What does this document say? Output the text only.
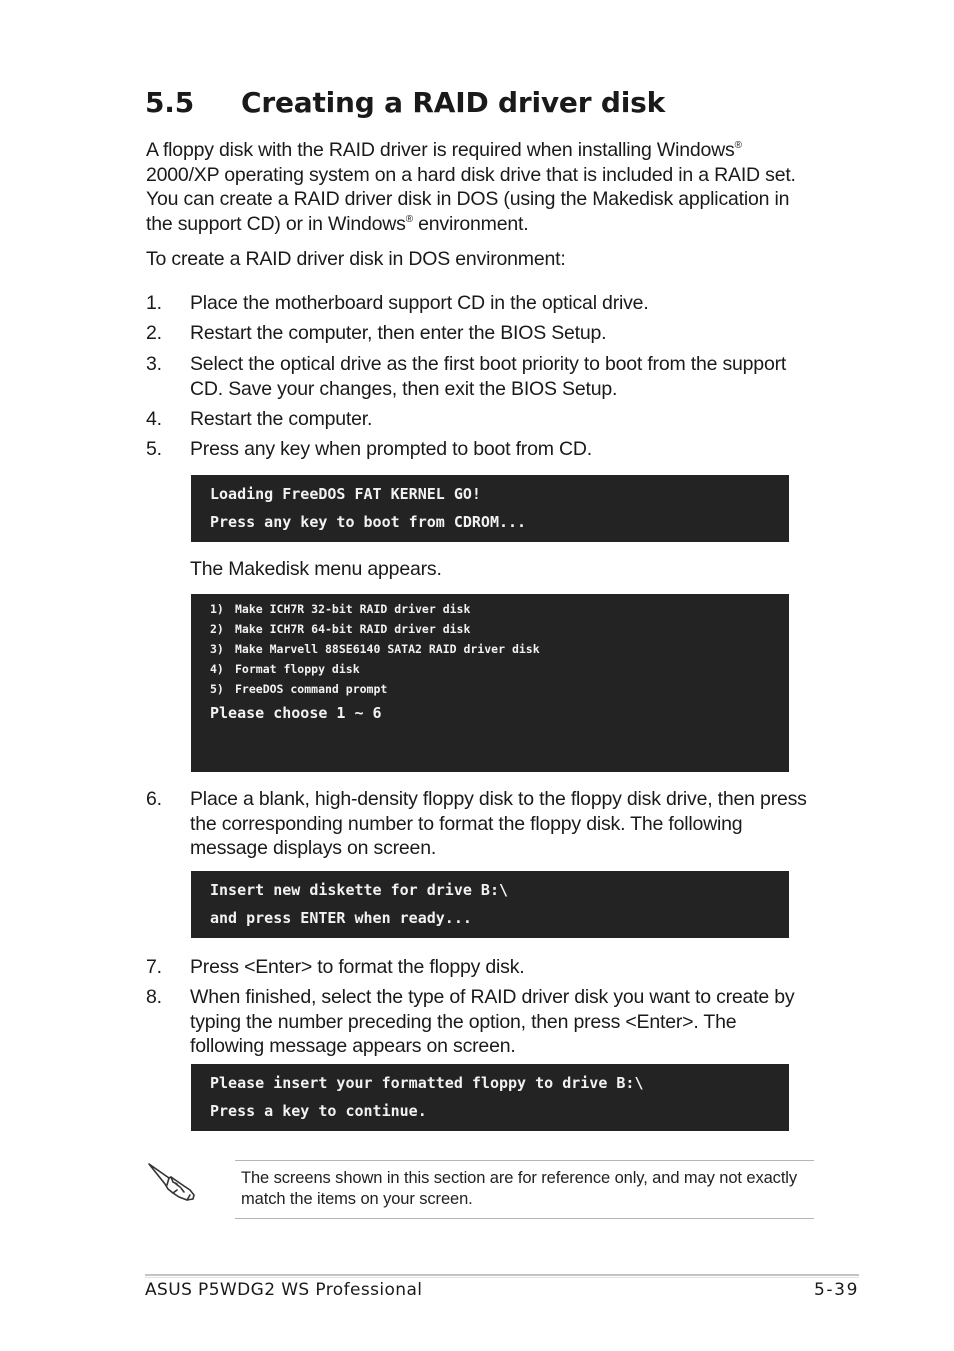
5.5 Creating a RAID driver disk
A floppy disk with the RAID driver is required when installing Windows® 2000/XP operating system on a hard disk drive that is included in a RAID set. You can create a RAID driver disk in DOS (using the Makedisk application in the support CD) or in Windows® environment.
To create a RAID driver disk in DOS environment:
1.	Place the motherboard support CD in the optical drive.
2.	Restart the computer, then enter the BIOS Setup.
3.	Select the optical drive as the first boot priority to boot from the support CD. Save your changes, then exit the BIOS Setup.
4.	Restart the computer.
5.	Press any key when prompted to boot from CD.
Loading FreeDOS FAT KERNEL GO!
Press any key to boot from CDROM...
The Makedisk menu appears.
1) Make ICH7R 32-bit RAID driver disk
2) Make ICH7R 64-bit RAID driver disk
3) Make Marvell 88SE6140 SATA2 RAID driver disk
4) Format floppy disk
5) FreeDOS command prompt
Please choose 1 ~ 6
6.	Place a blank, high-density floppy disk to the floppy disk drive, then press the corresponding number to format the floppy disk. The following message displays on screen.
Insert new diskette for drive B:\
and press ENTER when ready...
7.	Press <Enter> to format the floppy disk.
8.	When finished, select the type of RAID driver disk you want to create by typing the number preceding the option, then press <Enter>. The following message appears on screen.
Please insert your formatted floppy to drive B:\
Press a key to continue.
The screens shown in this section are for reference only, and may not exactly match the items on your screen.
ASUS P5WDG2 WS Professional	5-39
